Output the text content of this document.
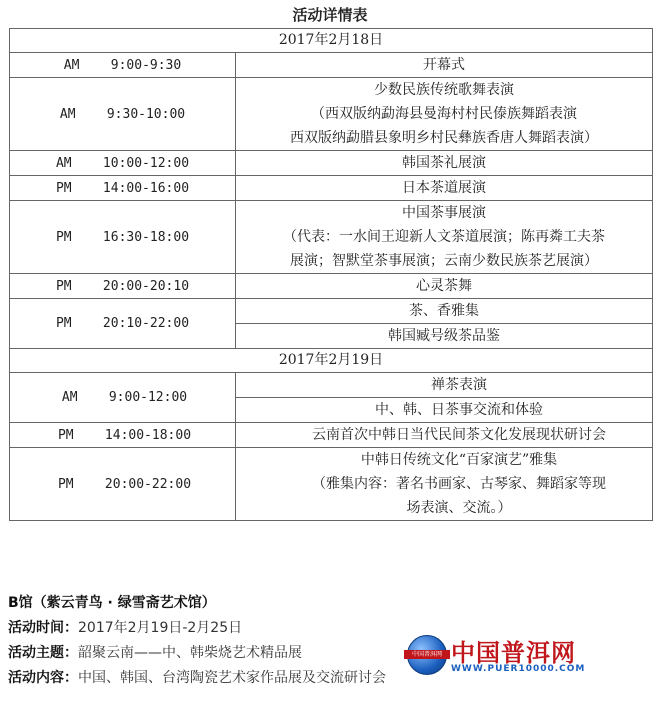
活动详情表
2017年2月18日	
AM    9:00-9:30	开幕式

AM    9:30-10:00	少数民族传统歌舞表演
（西双版纳勐海县曼海村村民傣族舞蹈表演
西双版纳勐腊县象明乡村民彝族香唐人舞蹈表演）

AM    10:00-12:00	韩国茶礼展演

PM    14:00-16:00	日本茶道展演

PM    16:30-18:00	中国茶事展演
（代表：一水间王迎新人文茶道展演；陈再粦工夫茶
展演；智默堂茶事展演；云南少数民族茶艺展演）

PM    20:00-20:10	心灵茶舞

PM    20:10-22:00	茶、香雅集

	韩国臧号级茶品鉴

2017年2月19日	
AM    9:00-12:00	禅茶表演

	中、韩、日茶事交流和体验

PM    14:00-18:00	云南首次中韩日当代民间茶文化发展现状研讨会

PM    20:00-22:00	中韩日传统文化“百家演艺”雅集
（雅集内容：著名书画家、古琴家、舞蹈家等现
场表演、交流。）
B馆（紫云青鸟 · 绿雪斋艺术馆）
活动时间：2017年2月19日-2月25日
活动主题：韶聚云南——中、韩柴烧艺术精品展
活动内容：中国、韩国、台湾陶瓷艺术家作品展及交流研讨会
中国普洱网 中国普洱网
WWW.PUER10000.COM
